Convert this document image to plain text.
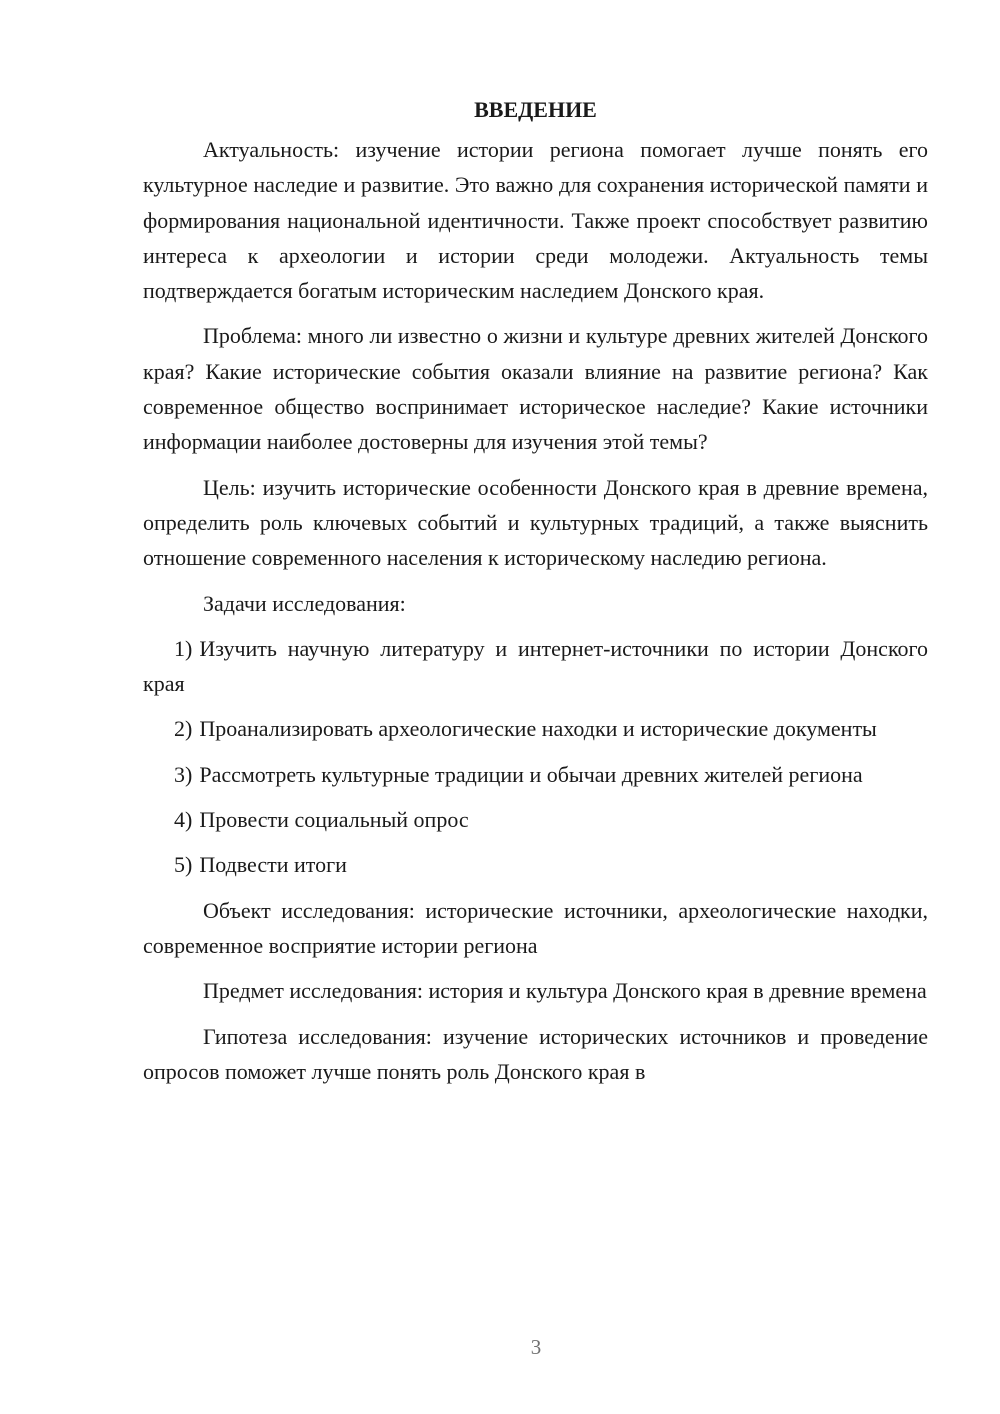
ВВЕДЕНИЕ

Актуальность: изучение истории региона помогает лучше понять его культурное наследие и развитие. Это важно для сохранения исторической памяти и формирования национальной идентичности. Также проект способствует развитию интереса к археологии и истории среди молодежи. Актуальность темы подтверждается богатым историческим наследием Донского края.

Проблема: много ли известно о жизни и культуре древних жителей Донского края? Какие исторические события оказали влияние на развитие региона? Как современное общество воспринимает историческое наследие? Какие источники информации наиболее достоверны для изучения этой темы?

Цель: изучить исторические особенности Донского края в древние времена, определить роль ключевых событий и культурных традиций, а также выяснить отношение современного населения к историческому наследию региона.

Задачи исследования:

1) Изучить научную литературу и интернет-источники по истории Донского края

2) Проанализировать археологические находки и исторические документы

3) Рассмотреть культурные традиции и обычаи древних жителей региона

4) Провести социальный опрос

5) Подвести итоги

Объект исследования: исторические источники, археологические находки, современное восприятие истории региона

Предмет исследования: история и культура Донского края в древние времена

Гипотеза исследования: изучение исторических источников и проведение опросов поможет лучше понять роль Донского края в

3
